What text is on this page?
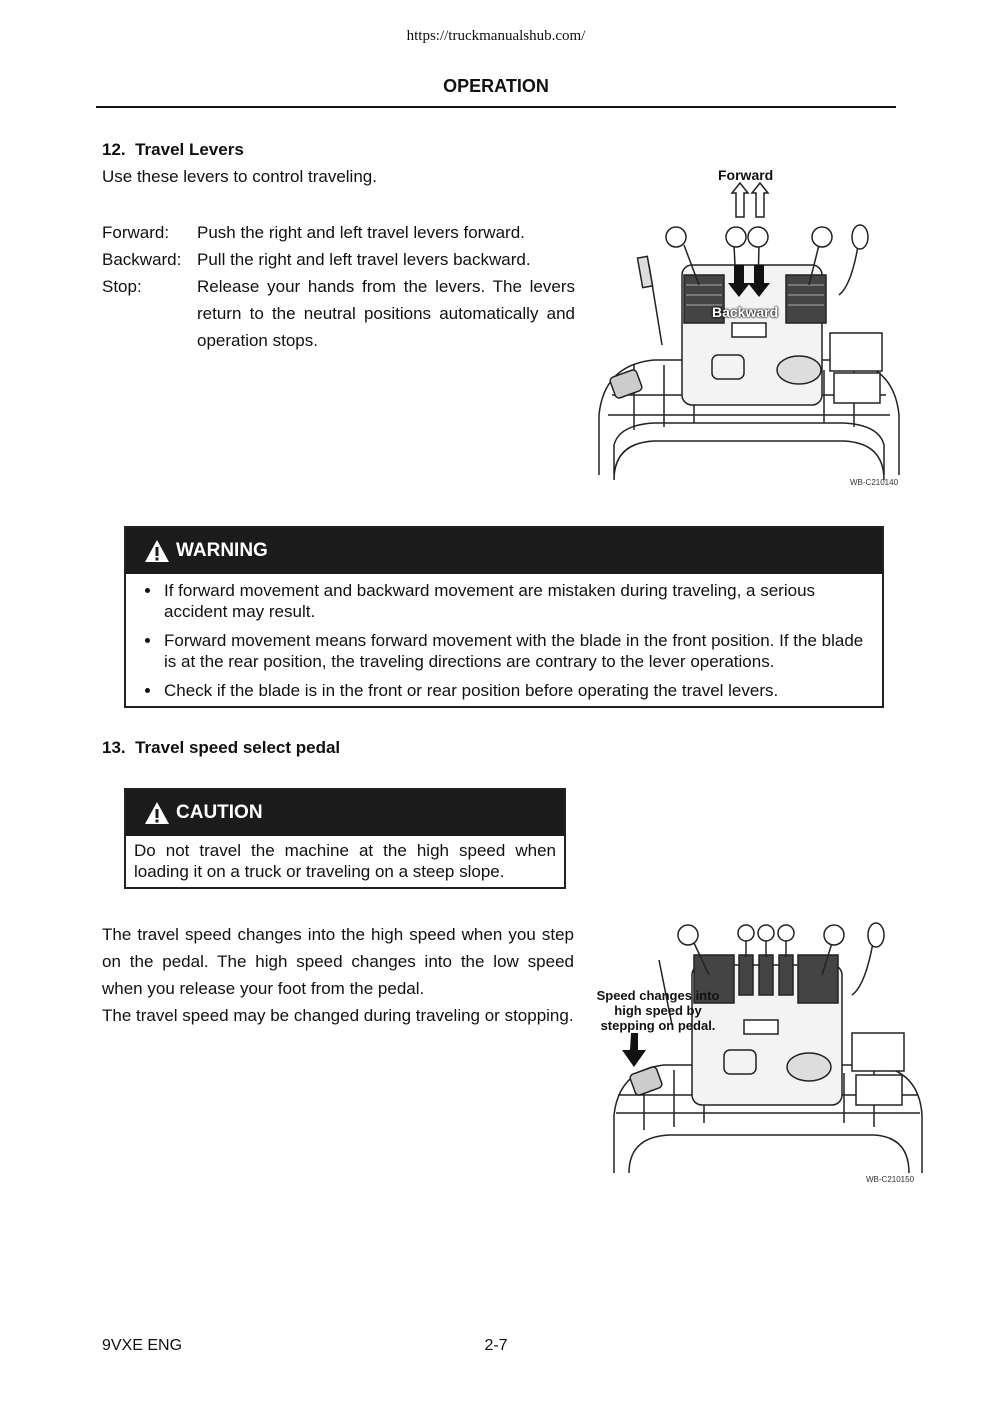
https://truckmanualshub.com/
OPERATION
12. Travel Levers
Use these levers to control traveling.
Forward:	Push the right and left travel levers forward.
Backward: Pull the right and left travel levers backward.
Stop:	Release your hands from the levers. The levers return to the neutral positions automatically and operation stops.
Forward
Backward
WB-C210140
WARNING
• If forward movement and backward movement are mistaken during traveling, a serious accident may result.
• Forward movement means forward movement with the blade in the front position. If the blade is at the rear position, the traveling directions are contrary to the lever operations.
• Check if the blade is in the front or rear position before operating the travel levers.
13. Travel speed select pedal
CAUTION
Do not travel the machine at the high speed when loading it on a truck or traveling on a steep slope.
The travel speed changes into the high speed when you step on the pedal. The high speed changes into the low speed when you release your foot from the pedal.
The travel speed may be changed during traveling or stopping.
Speed changes into
high speed by
stepping on pedal.
WB-C210150
9VXE ENG	2-7
